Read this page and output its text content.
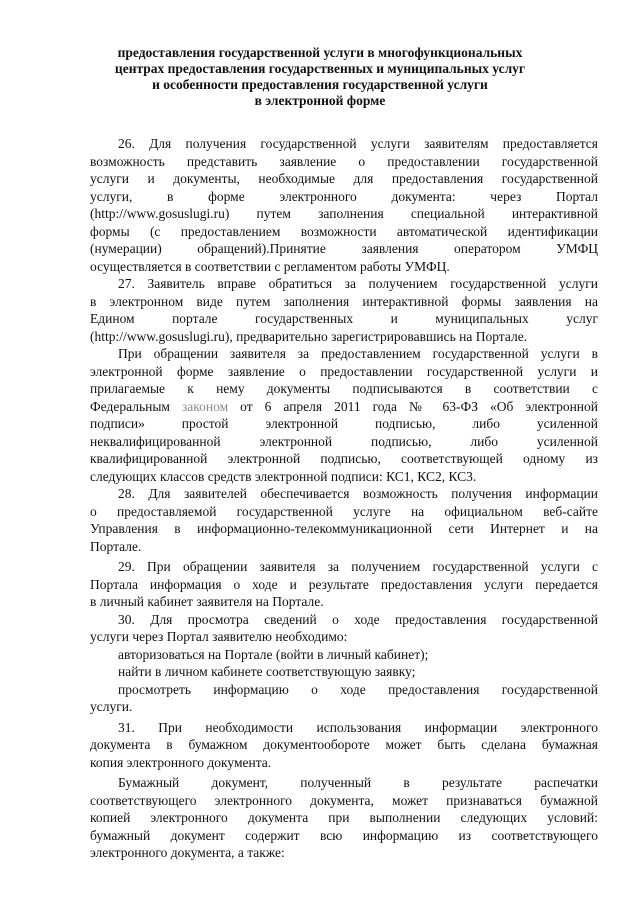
предоставления государственной услуги в многофункциональных
центрах предоставления государственных и муниципальных услуг
и особенности предоставления государственной услуги
в электронной форме
26. Для получения государственной услуги заявителям предоставляется
возможность представить заявление о предоставлении государственной
услуги и документы, необходимые для предоставления государственной
услуги, в форме электронного документа: через Портал
(http://www.gosuslugi.ru) путем заполнения специальной интерактивной
формы (с предоставлением возможности автоматической идентификации
(нумерации) обращений).Принятие заявления оператором УМФЦ
осуществляется в соответствии с регламентом работы УМФЦ.
27. Заявитель вправе обратиться за получением государственной услуги
в электронном виде путем заполнения интерактивной формы заявления на
Едином портале государственных и муниципальных услуг
(http://www.gosuslugi.ru), предварительно зарегистрировавшись на Портале.
При обращении заявителя за предоставлением государственной услуги в
электронной форме заявление о предоставлении государственной услуги и
прилагаемые к нему документы подписываются в соответствии с
Федеральным законом от 6 апреля 2011 года № 63-ФЗ «Об электронной
подписи» простой электронной подписью, либо усиленной
неквалифицированной электронной подписью, либо усиленной
квалифицированной электронной подписью, соответствующей одному из
следующих классов средств электронной подписи: КС1, КС2, КС3.
28. Для заявителей обеспечивается возможность получения информации
о предоставляемой государственной услуге на официальном веб-сайте
Управления в информационно-телекоммуникационной сети Интернет и на
Портале.
29. При обращении заявителя за получением государственной услуги с
Портала информация о ходе и результате предоставления услуги передается
в личный кабинет заявителя на Портале.
30. Для просмотра сведений о ходе предоставления государственной
услуги через Портал заявителю необходимо:
авторизоваться на Портале (войти в личный кабинет);
найти в личном кабинете соответствующую заявку;
просмотреть информацию о ходе предоставления государственной
услуги.
31. При необходимости использования информации электронного
документа в бумажном документообороте может быть сделана бумажная
копия электронного документа.
Бумажный документ, полученный в результате распечатки
соответствующего электронного документа, может признаваться бумажной
копией электронного документа при выполнении следующих условий:
бумажный документ содержит всю информацию из соответствующего
электронного документа, а также:
